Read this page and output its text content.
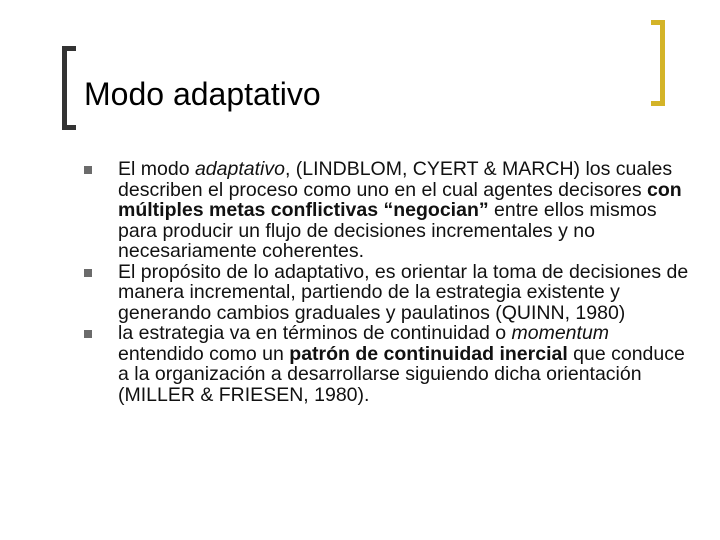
Modo adaptativo
El modo adaptativo, (LINDBLOM, CYERT & MARCH) los cuales describen el proceso como uno en el cual agentes decisores con múltiples metas conflictivas “negocian” entre ellos mismos para producir un flujo de decisiones incrementales y no necesariamente coherentes.
El propósito de lo adaptativo, es orientar la toma de decisiones de manera incremental, partiendo de la estrategia existente y generando cambios graduales y paulatinos (QUINN, 1980)
la estrategia va en términos de continuidad o momentum entendido como un patrón de continuidad inercial que conduce a la organización a desarrollarse siguiendo dicha orientación (MILLER & FRIESEN, 1980).
